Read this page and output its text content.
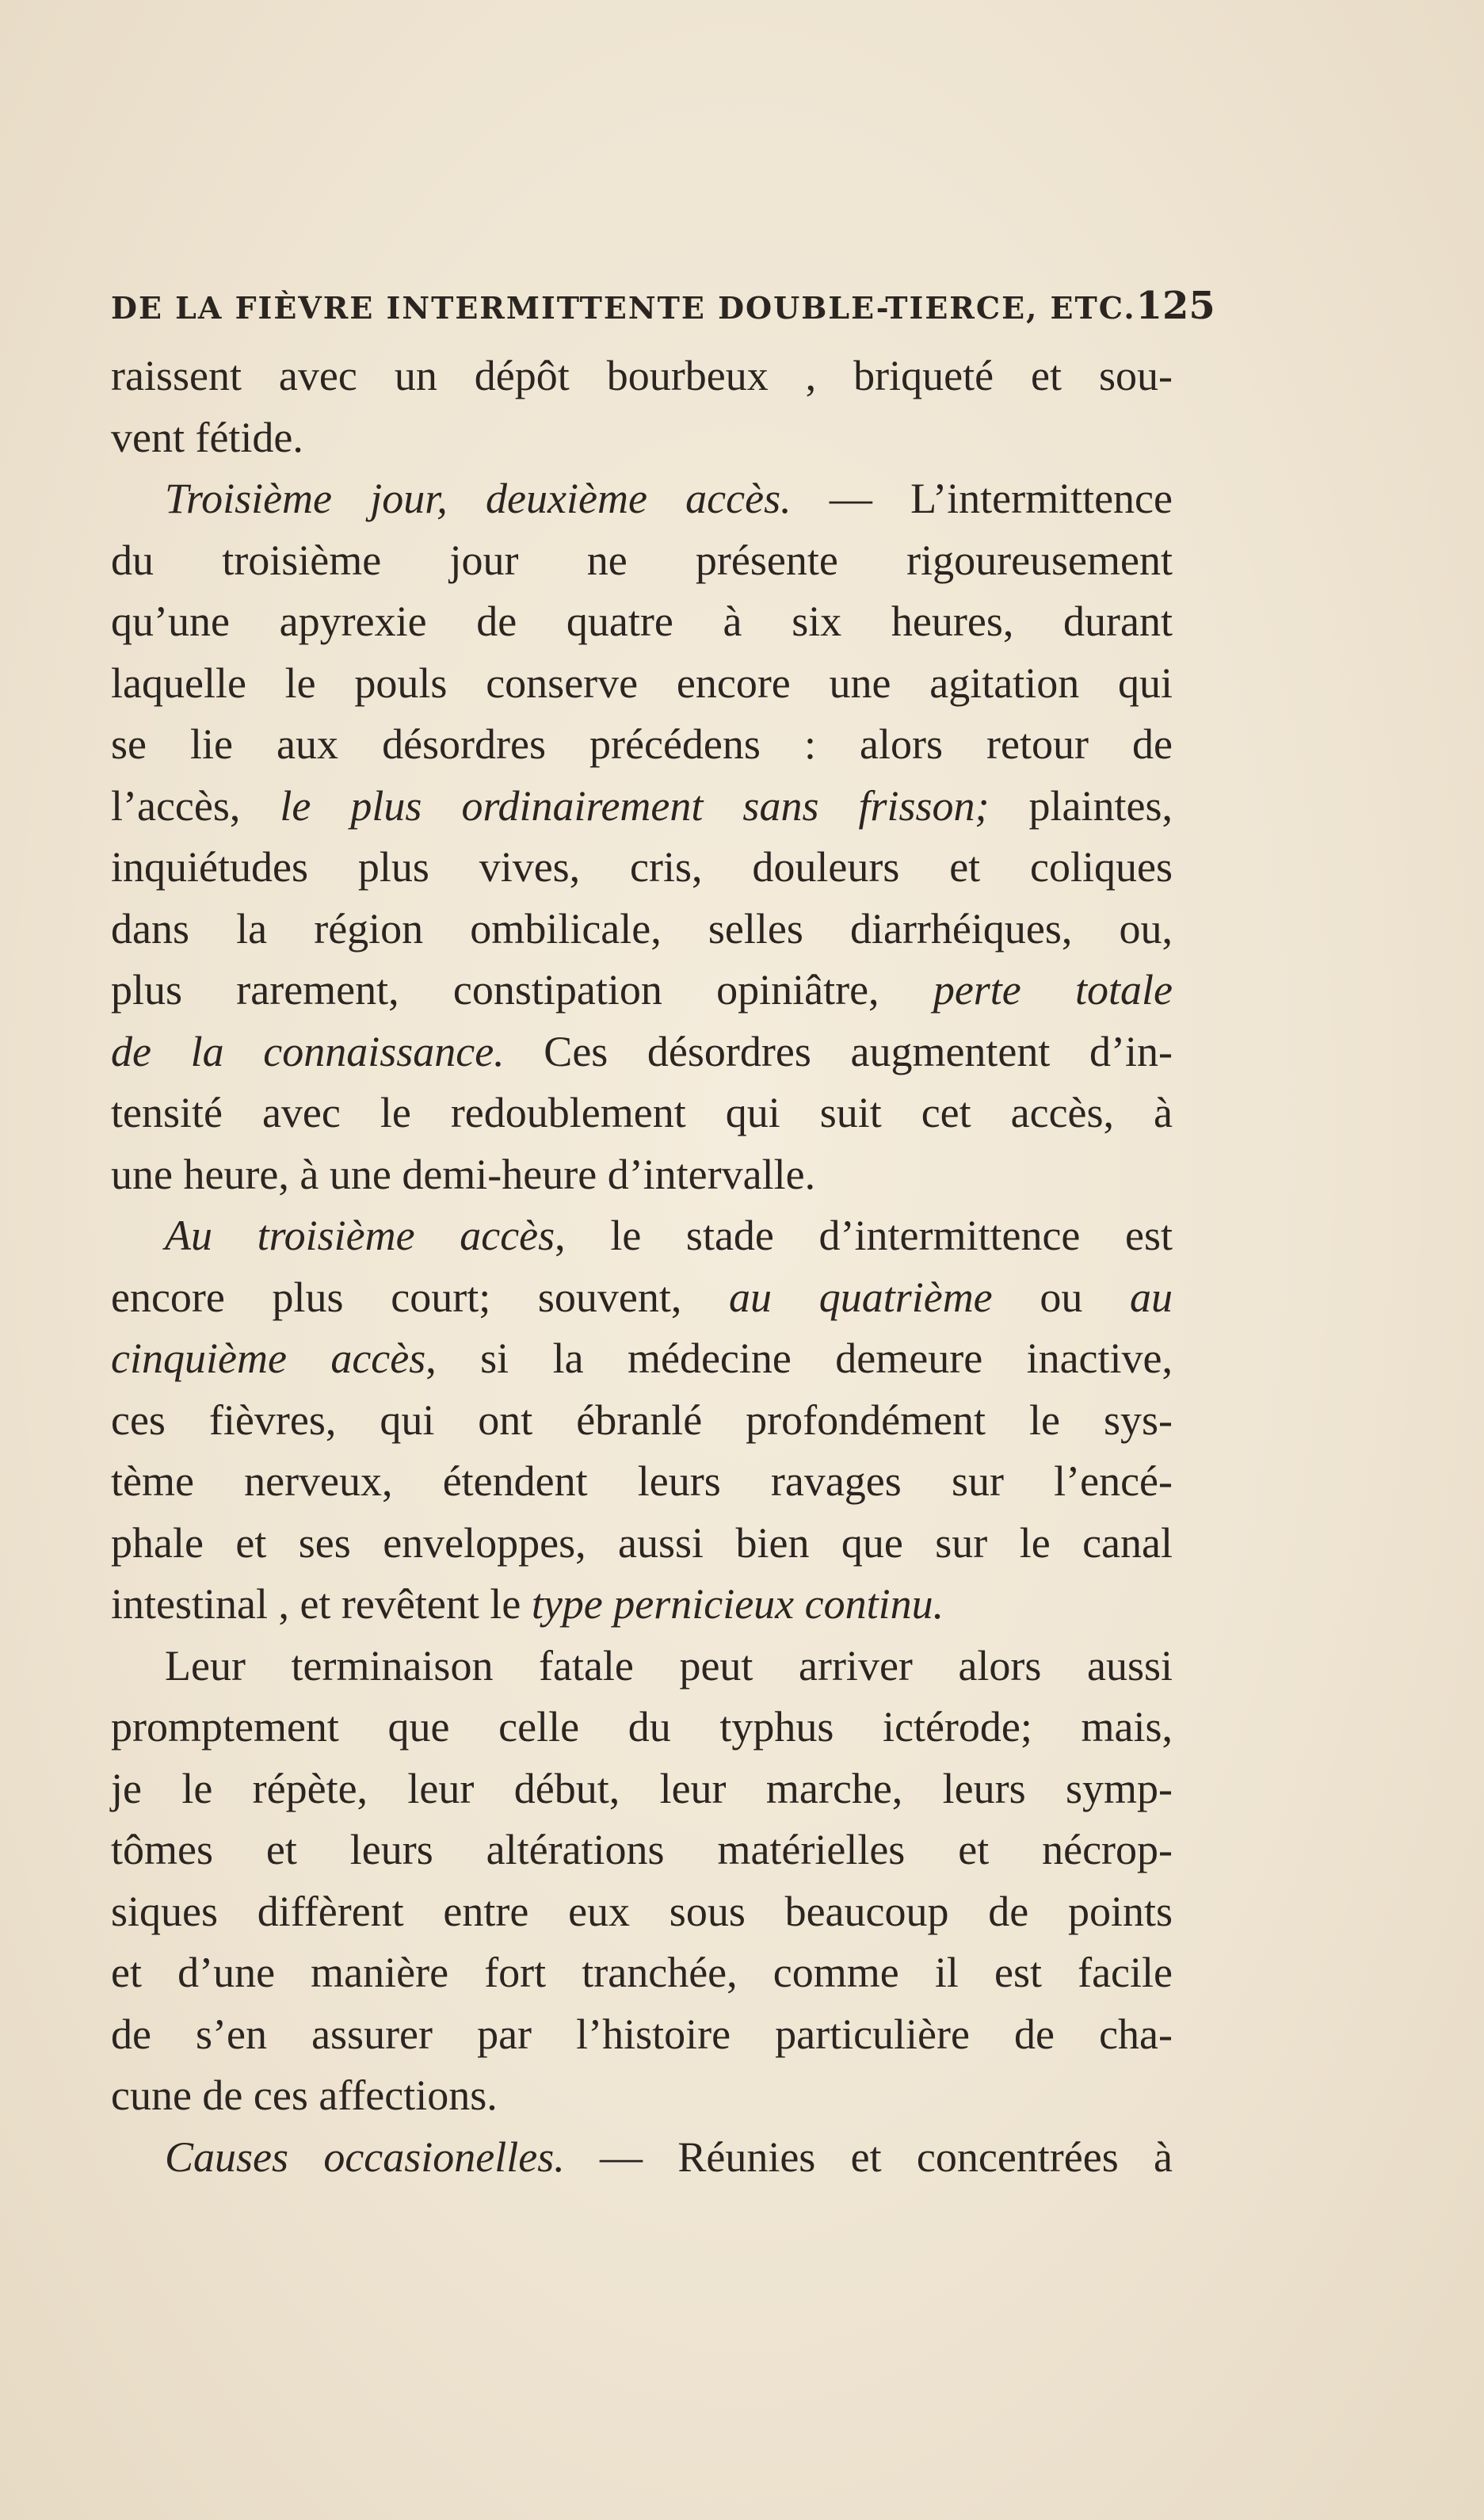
DE LA FIÈVRE INTERMITTENTE DOUBLE-TIERCE, ETC. 125
raissent avec un dépôt bourbeux , briqueté et sou-
vent fétide.
Troisième jour, deuxième accès. — L’intermittence
du troisième jour ne présente rigoureusement
qu’une apyrexie de quatre à six heures, durant
laquelle le pouls conserve encore une agitation qui
se lie aux désordres précédens : alors retour de
l’accès, le plus ordinairement sans frisson; plaintes,
inquiétudes plus vives, cris, douleurs et coliques
dans la région ombilicale, selles diarrhéiques, ou,
plus rarement, constipation opiniâtre, perte totale
de la connaissance. Ces désordres augmentent d’in-
tensité avec le redoublement qui suit cet accès, à
une heure, à une demi-heure d’intervalle.
Au troisième accès, le stade d’intermittence est
encore plus court; souvent, au quatrième ou au
cinquième accès, si la médecine demeure inactive,
ces fièvres, qui ont ébranlé profondément le sys-
tème nerveux, étendent leurs ravages sur l’encé-
phale et ses enveloppes, aussi bien que sur le canal
intestinal , et revêtent le type pernicieux continu.
Leur terminaison fatale peut arriver alors aussi
promptement que celle du typhus ictérode; mais,
je le répète, leur début, leur marche, leurs symp-
tômes et leurs altérations matérielles et nécrop-
siques diffèrent entre eux sous beaucoup de points
et d’une manière fort tranchée, comme il est facile
de s’en assurer par l’histoire particulière de cha-
cune de ces affections.
Causes occasionelles. — Réunies et concentrées à
